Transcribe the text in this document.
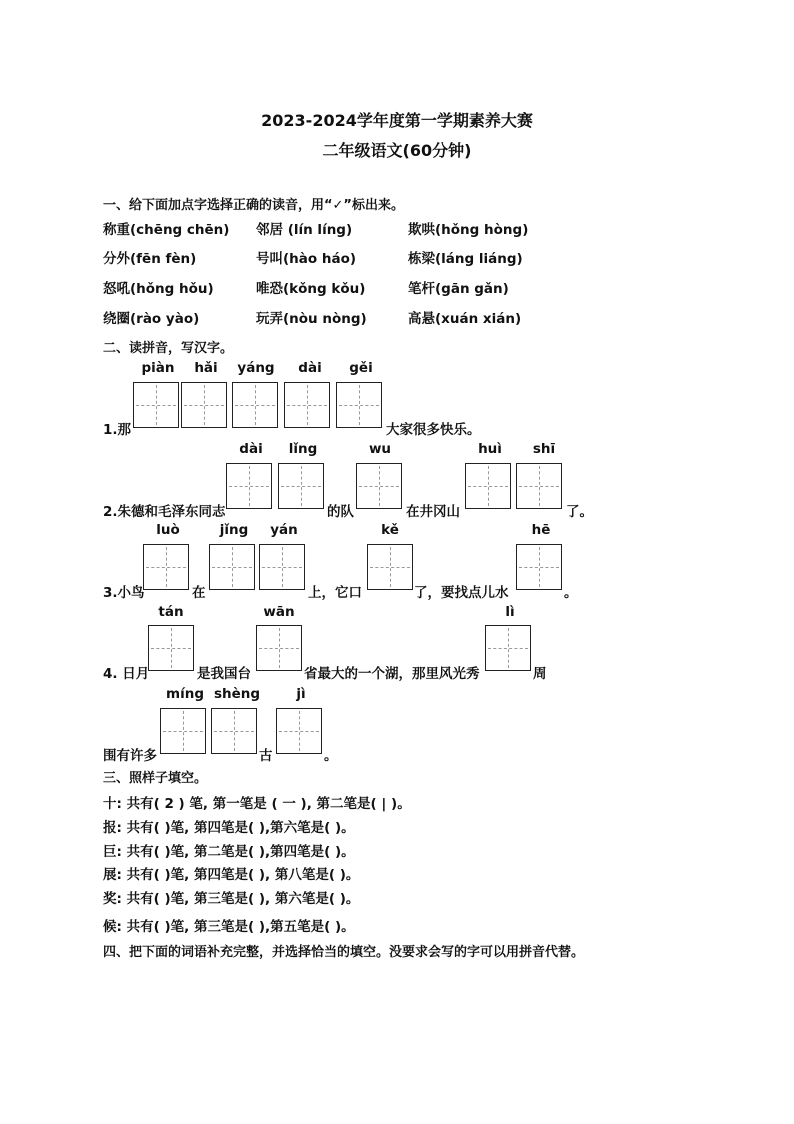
2023-2024学年度第一学期素养大赛
二年级语文(60分钟)
一、给下面加点字选择正确的读音，用“✓”标出来。
称重(chēng chēn) 邻居 (lín líng)	欺哄(hǒng hòng)
分外(fēn fèn)	号叫(hào háo)	栋梁(láng liáng)
怒吼(hǒng hǒu)	唯恐(kǒng kǒu)	笔杆(gān gǎn)
绕圈(rào yào)	玩弄(nòu nòng)	高悬(xuán xián)
二、读拼音，写汉字。
piàn	hǎi	yáng	dài	gěi
1.那	大家很多快乐。
dài	lǐng	wu	huì	shī
2.朱德和毛泽东同志	的队	在井冈山	了。
luò	jǐng	yán	kě	hē
3.小鸟	在	上，它口	了，要找点儿水	。
tán	wān	lì
4. 日月	是我国台	省最大的一个湖，那里风光秀	周
míng shèng	jì
围有许多	古	。
三、照样子填空。
十: 共有( 2 ) 笔, 第一笔是 ( 一 ), 第二笔是( | )。
报: 共有( )笔, 第四笔是( ),第六笔是( )。
巨: 共有( )笔, 第二笔是( ),第四笔是( )。
展: 共有( )笔, 第四笔是( ), 第八笔是( )。
奖: 共有( )笔, 第三笔是( ), 第六笔是( )。
候: 共有( )笔, 第三笔是( ),第五笔是( )。
四、把下面的词语补充完整，并选择恰当的填空。没要求会写的字可以用拼音代替。
